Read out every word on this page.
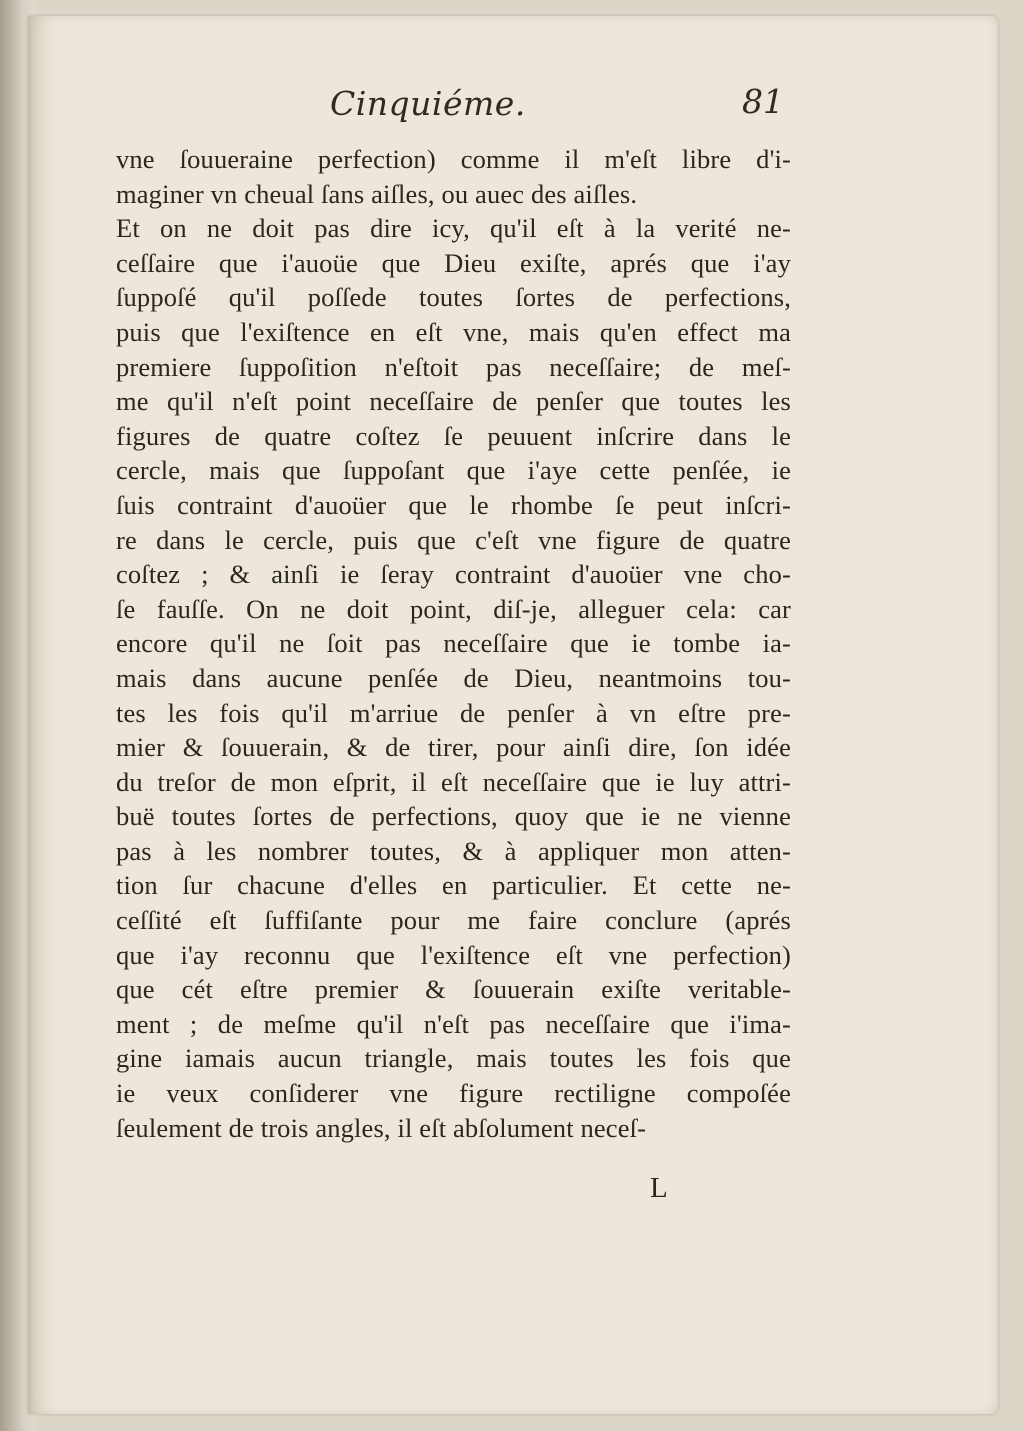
Cinquiéme.	81
vne ſouueraine perfection) comme il m'eſt libre d'i-
maginer vn cheual ſans aiſles, ou auec des aiſles.
Et on ne doit pas dire icy, qu'il eſt à la verité ne-
ceſſaire que i'auoüe que Dieu exiſte, aprés que i'ay
ſuppoſé qu'il poſſede toutes ſortes de perfections,
puis que l'exiſtence en eſt vne, mais qu'en effect ma
premiere ſuppoſition n'eſtoit pas neceſſaire; de meſ-
me qu'il n'eſt point neceſſaire de penſer que toutes les
figures de quatre coſtez ſe peuuent inſcrire dans le
cercle, mais que ſuppoſant que i'aye cette penſée, ie
ſuis contraint d'auoüer que le rhombe ſe peut inſcri-
re dans le cercle, puis que c'eſt vne figure de quatre
coſtez ; & ainſi ie ſeray contraint d'auoüer vne cho-
ſe fauſſe. On ne doit point, diſ-je, alleguer cela: car
encore qu'il ne ſoit pas neceſſaire que ie tombe ia-
mais dans aucune penſée de Dieu, neantmoins tou-
tes les fois qu'il m'arriue de penſer à vn eſtre pre-
mier & ſouuerain, & de tirer, pour ainſi dire, ſon idée
du treſor de mon eſprit, il eſt neceſſaire que ie luy attri-
buë toutes ſortes de perfections, quoy que ie ne vienne
pas à les nombrer toutes, & à appliquer mon atten-
tion ſur chacune d'elles en particulier. Et cette ne-
ceſſité eſt ſuffiſante pour me faire conclure (aprés
que i'ay reconnu que l'exiſtence eſt vne perfection)
que cét eſtre premier & ſouuerain exiſte veritable-
ment ; de meſme qu'il n'eſt pas neceſſaire que i'ima-
gine iamais aucun triangle, mais toutes les fois que
ie veux conſiderer vne figure rectiligne compoſée
ſeulement de trois angles, il eſt abſolument neceſ-
L
